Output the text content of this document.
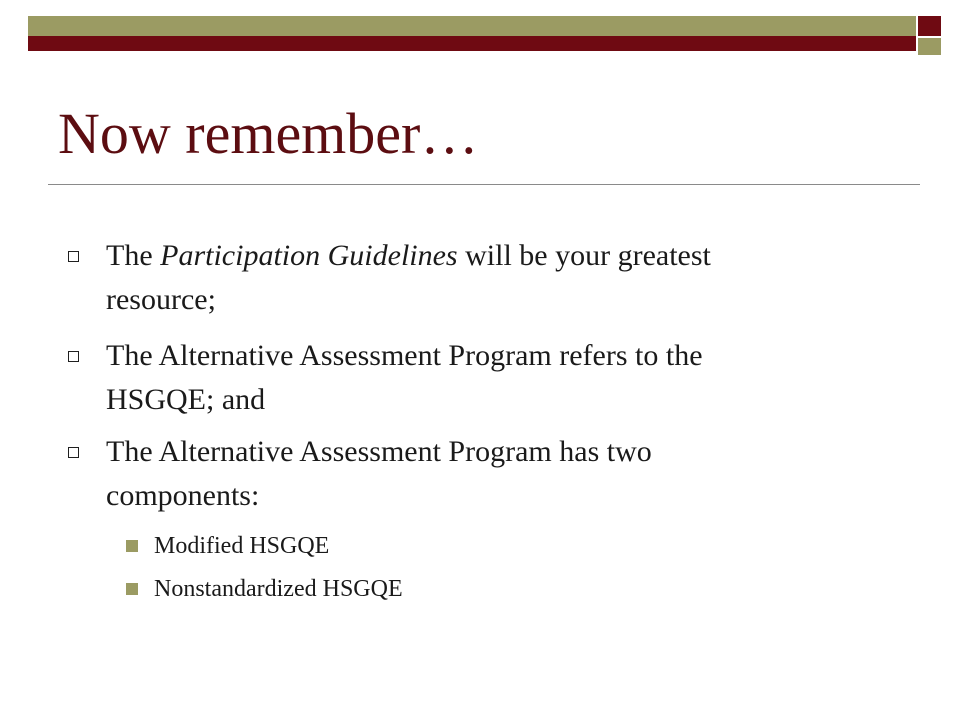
Now remember…
The Participation Guidelines will be your greatest
resource;
The Alternative Assessment Program refers to the
HSGQE; and
The Alternative Assessment Program has two
components:
Modified HSGQE
Nonstandardized HSGQE
